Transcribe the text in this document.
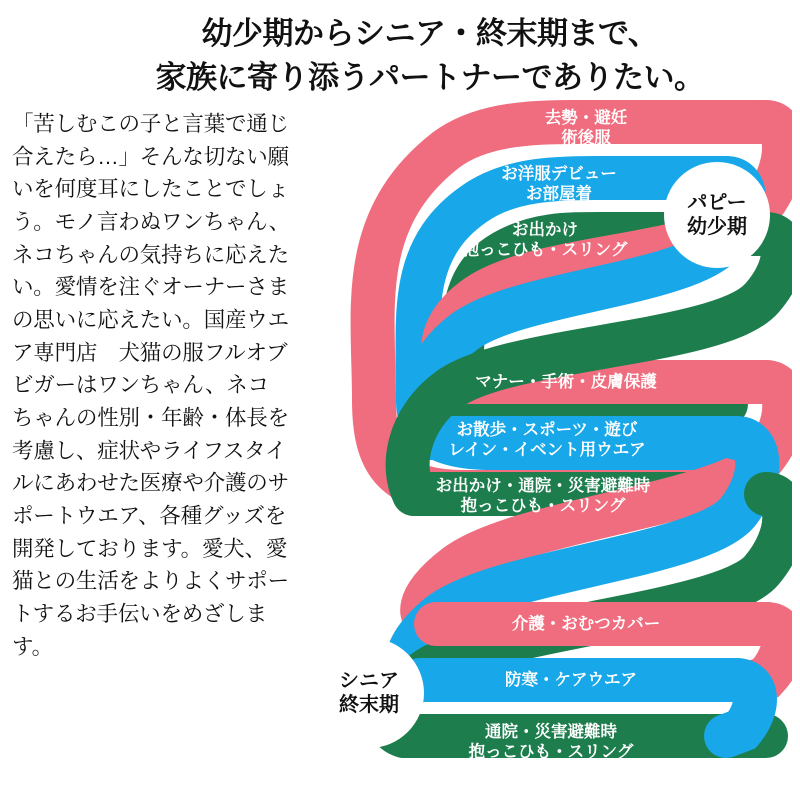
幼少期からシニア・終末期まで、
家族に寄り添うパートナーでありたい。

「苦しむこの子と言葉で通じ合えたら…」そんな切ない願いを何度耳にしたことでしょう。モノ言わぬワンちゃん、ネコちゃんの気持ちに応えたい。愛情を注ぐオーナーさまの思いに応えたい。国産ウエア専門店　犬猫の服フルオブビガーはワンちゃん、ネコちゃんの性別・年齢・体長を考慮し、症状やライフスタイルにあわせた医療や介護のサポートウエア、各種グッズを開発しております。愛犬、愛猫との生活をよりよくサポートするお手伝いをめざします。

去勢・避妊
術後服
お洋服デビュー
お部屋着
お出かけ
抱っこひも・スリング
マナー・手術・皮膚保護
お散歩・スポーツ・遊び
レイン・イベント用ウエア
お出かけ・通院・災害避難時
抱っこひも・スリング
介護・おむつカバー
防寒・ケアウエア
通院・災害避難時
抱っこひも・スリング
パピー
幼少期
シニア
終末期
